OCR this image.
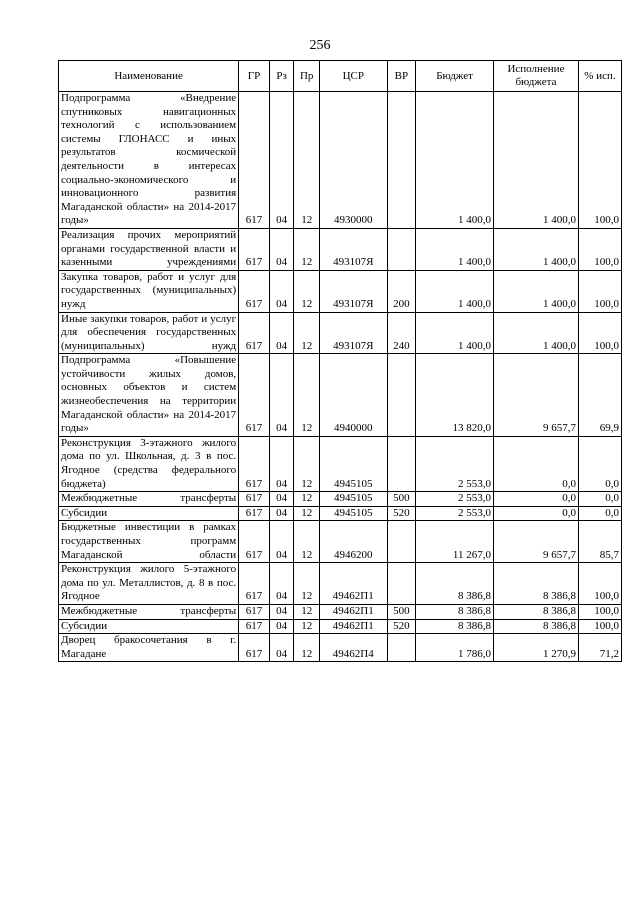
256
Наименование	ГР	Рз	Пр	ЦСР	ВР	Бюджет	Исполнение бюджета	% исп.
Подпрограмма «Внедрение спутниковых навигационных технологий с использованием системы ГЛОНАСС и иных результатов космической деятельности в интересах социально-экономического и инновационного развития Магаданской области» на 2014-2017 годы»	617	04	12	4930000		1 400,0	1 400,0	100,0
Реализация прочих мероприятий органами государственной власти и казенными учреждениями	617	04	12	493107Я		1 400,0	1 400,0	100,0
Закупка товаров, работ и услуг для государственных (муниципальных) нужд	617	04	12	493107Я	200	1 400,0	1 400,0	100,0
Иные закупки товаров, работ и услуг для обеспечения государственных (муниципальных) нужд	617	04	12	493107Я	240	1 400,0	1 400,0	100,0
Подпрограмма «Повышение устойчивости жилых домов, основных объектов и систем жизнеобеспечения на территории Магаданской области» на 2014-2017 годы»	617	04	12	4940000		13 820,0	9 657,7	69,9
Реконструкция 3-этажного жилого дома по ул. Школьная, д. 3 в пос. Ягодное (средства федерального бюджета)	617	04	12	4945105		2 553,0	0,0	0,0
Межбюджетные трансферты	617	04	12	4945105	500	2 553,0	0,0	0,0
Субсидии	617	04	12	4945105	520	2 553,0	0,0	0,0
Бюджетные инвестиции в рамках государственных программ Магаданской области	617	04	12	4946200		11 267,0	9 657,7	85,7
Реконструкция жилого 5-этажного дома по ул. Металлистов, д. 8 в пос. Ягодное	617	04	12	49462П1		8 386,8	8 386,8	100,0
Межбюджетные трансферты	617	04	12	49462П1	500	8 386,8	8 386,8	100,0
Субсидии	617	04	12	49462П1	520	8 386,8	8 386,8	100,0
Дворец бракосочетания в г. Магадане	617	04	12	49462П4		1 786,0	1 270,9	71,2
